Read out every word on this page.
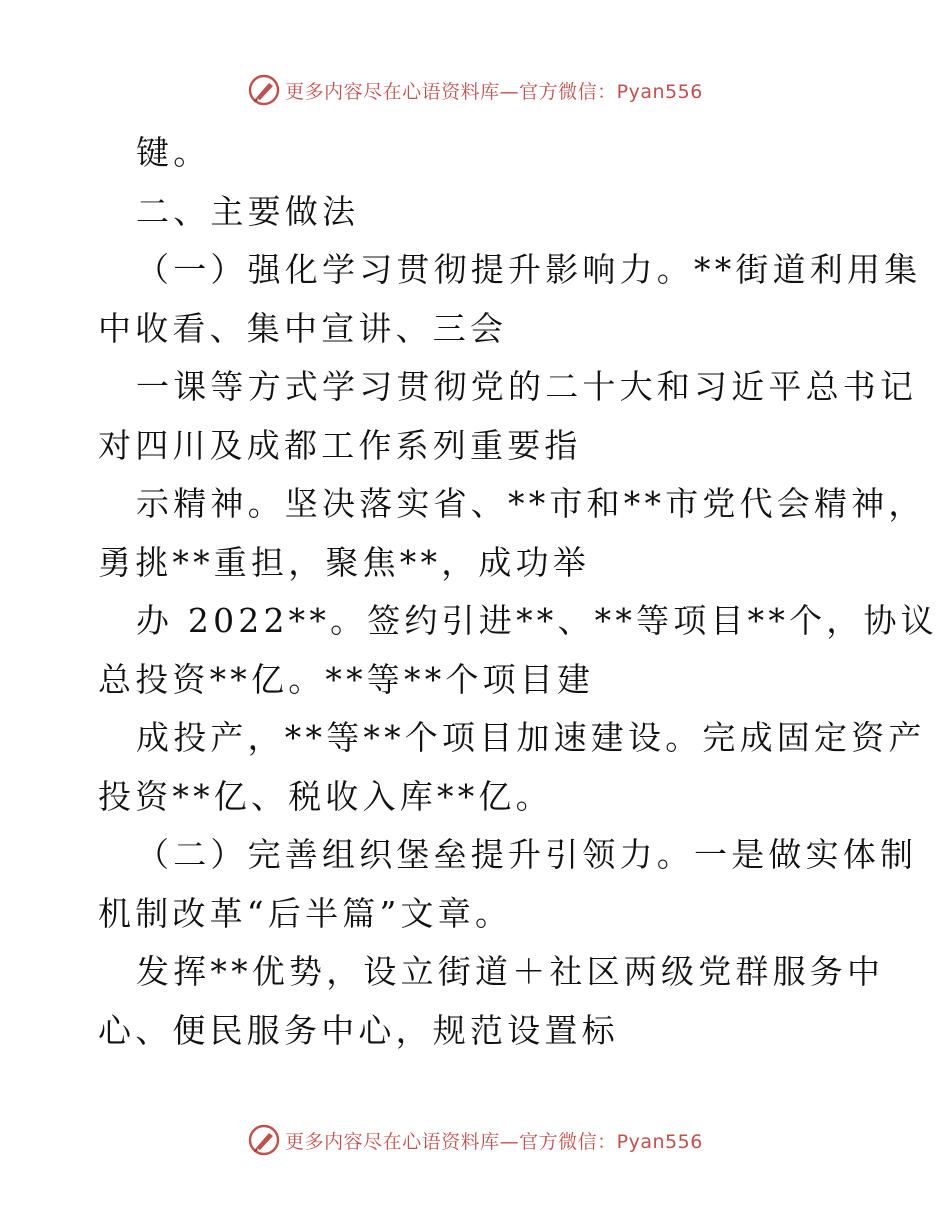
更多内容尽在心语资料库—官方微信：Pyan556
键。
二、主要做法
（一）强化学习贯彻提升影响力。**街道利用集
中收看、集中宣讲、三会
一课等方式学习贯彻党的二十大和习近平总书记
对四川及成都工作系列重要指
示精神。坚决落实省、**市和**市党代会精神，
勇挑**重担，聚焦**，成功举
办 2022**。签约引进**、**等项目**个，协议
总投资**亿。**等**个项目建
成投产，**等**个项目加速建设。完成固定资产
投资**亿、税收入库**亿。
（二）完善组织堡垒提升引领力。一是做实体制
机制改革“后半篇”文章。
发挥**优势，设立街道＋社区两级党群服务中
心、便民服务中心，规范设置标
更多内容尽在心语资料库—官方微信：Pyan556
